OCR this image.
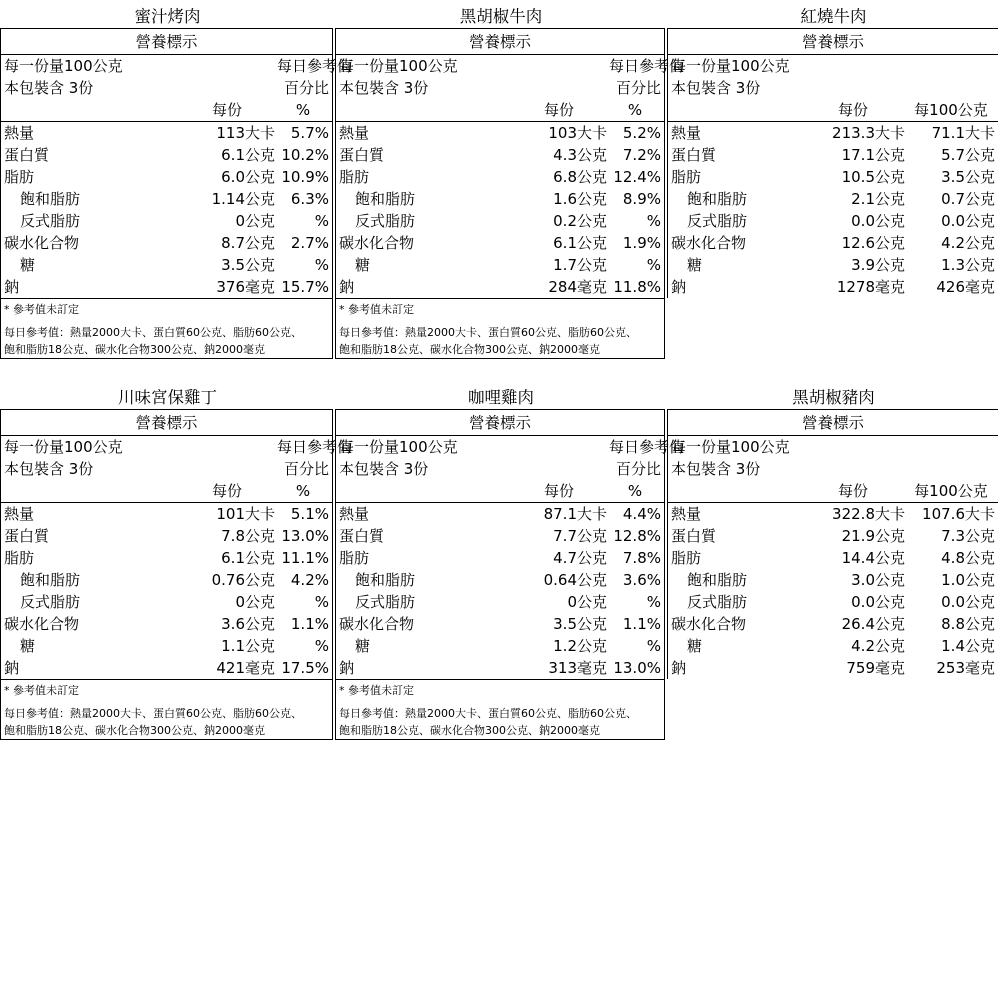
蜜汁烤肉
營養標示
每一份量100公克	每日參考值
本包裝含 3份	百分比
每份	%
熱量	113大卡	5.7%
蛋白質	6.1公克 10.2%
脂肪	6.0公克 10.9%
飽和脂肪	1.14公克	6.3%
反式脂肪	0公克	%
碳水化合物	8.7公克	2.7%
糖	3.5公克	%
鈉	376毫克 15.7%
* 參考值未訂定
每日參考值：熱量2000大卡、蛋白質60公克、脂肪60公克、
飽和脂肪18公克、碳水化合物300公克、鈉2000毫克
黑胡椒牛肉
營養標示
每一份量100公克	每日參考值
本包裝含 3份	百分比
每份	%
熱量	103大卡	5.2%
蛋白質	4.3公克	7.2%
脂肪	6.8公克 12.4%
飽和脂肪	1.6公克	8.9%
反式脂肪	0.2公克	%
碳水化合物	6.1公克	1.9%
糖	1.7公克	%
鈉	284毫克 11.8%
* 參考值未訂定
每日參考值：熱量2000大卡、蛋白質60公克、脂肪60公克、
飽和脂肪18公克、碳水化合物300公克、鈉2000毫克
紅燒牛肉
營養標示
每一份量100公克
本包裝含 3份
每份	每100公克
熱量	213.3大卡	71.1大卡
蛋白質	17.1公克	5.7公克
脂肪	10.5公克	3.5公克
飽和脂肪	2.1公克	0.7公克
反式脂肪	0.0公克	0.0公克
碳水化合物	12.6公克	4.2公克
糖	3.9公克	1.3公克
鈉	1278毫克	426毫克
川味宮保雞丁
營養標示
每一份量100公克	每日參考值
本包裝含 3份	百分比
每份	%
熱量	101大卡	5.1%
蛋白質	7.8公克 13.0%
脂肪	6.1公克 11.1%
飽和脂肪	0.76公克	4.2%
反式脂肪	0公克	%
碳水化合物	3.6公克	1.1%
糖	1.1公克	%
鈉	421毫克 17.5%
* 參考值未訂定
每日參考值：熱量2000大卡、蛋白質60公克、脂肪60公克、
飽和脂肪18公克、碳水化合物300公克、鈉2000毫克
咖哩雞肉
營養標示
每一份量100公克	每日參考值
本包裝含 3份	百分比
每份	%
熱量	87.1大卡	4.4%
蛋白質	7.7公克 12.8%
脂肪	4.7公克	7.8%
飽和脂肪	0.64公克	3.6%
反式脂肪	0公克	%
碳水化合物	3.5公克	1.1%
糖	1.2公克	%
鈉	313毫克 13.0%
* 參考值未訂定
每日參考值：熱量2000大卡、蛋白質60公克、脂肪60公克、
飽和脂肪18公克、碳水化合物300公克、鈉2000毫克
黑胡椒豬肉
營養標示
每一份量100公克
本包裝含 3份
每份	每100公克
熱量	322.8大卡	107.6大卡
蛋白質	21.9公克	7.3公克
脂肪	14.4公克	4.8公克
飽和脂肪	3.0公克	1.0公克
反式脂肪	0.0公克	0.0公克
碳水化合物	26.4公克	8.8公克
糖	4.2公克	1.4公克
鈉	759毫克	253毫克
